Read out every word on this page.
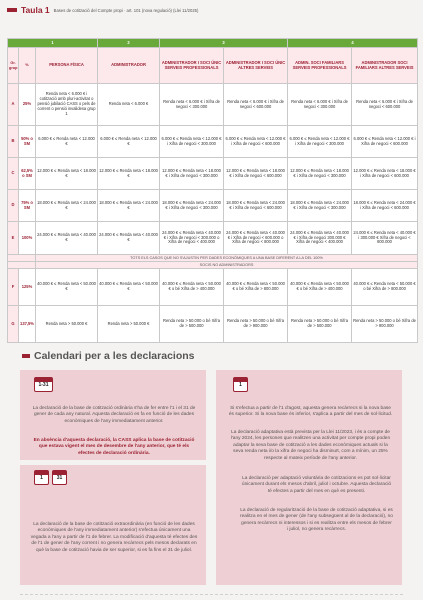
Taula 1 Bases de cotització del Compte propi · art. 101 (nova regulació) (Llei 11/2025)
1			2	3		4	
Gr. grup	%	PERSONA FÍSICA	ADMINISTRADOR	ADMINISTRADOR I SOCI ÚNIC SERVEIS PROFESSIONALS	ADMINISTRADOR I SOCI ÚNIC ALTRES SERVEIS	ADMIN. SOCI FAMILIARS SERVEIS PROFESSIONALS	ADMINISTRADOR SOCI FAMILIARS ALTRES SERVEIS
A	25%	Renda neta < 6.000 € i cotització amb pluri-activitat o pensió jubilació CASS o pels de corrent o pensió invalidesa grup 1	Renda neta < 6.000 €	Renda neta < 6.000 € i Xifra de negoci < 300.000	Renda neta < 6.000 € i Xifra de negoci < 600.000	Renda neta < 6.000 € i Xifra de negoci < 300.000	Renda neta < 6.000 € i Xifra de negoci < 600.000
B	50% o SM	6.000 € ≤ Renda neta < 12.000 €	6.000 € ≤ Renda neta < 12.000 €	6.000 € ≤ Renda neta < 12.000 € i Xifra de negoci < 300.000	6.000 € ≤ Renda neta < 12.000 € i Xifra de negoci < 600.000	6.000 € ≤ Renda neta < 12.000 € i Xifra de negoci < 300.000	6.000 € ≤ Renda neta < 12.000 € i Xifra de negoci < 600.000
C	62,5% o SM	12.000 € ≤ Renda neta < 18.000 €	12.000 € ≤ Renda neta < 18.000 €	12.000 € ≤ Renda neta < 18.000 € i Xifra de negoci < 300.000	12.000 € ≤ Renda neta < 18.000 € i Xifra de negoci < 600.000	12.000 € ≤ Renda neta < 18.000 € i Xifra de negoci < 300.000	12.000 € ≤ Renda neta < 18.000 € i Xifra de negoci < 600.000
D	75% o SM	18.000 € ≤ Renda neta < 24.000 €	18.000 € ≤ Renda neta < 24.000 €	18.000 € ≤ Renda neta < 24.000 € i Xifra de negoci < 300.000	18.000 € ≤ Renda neta < 24.000 € i Xifra de negoci < 600.000	18.000 € ≤ Renda neta < 24.000 € i Xifra de negoci < 300.000	18.000 € ≤ Renda neta < 24.000 € i Xifra de negoci < 600.000
E	100%	24.000 € ≤ Renda neta < 40.000 €	24.000 € ≤ Renda neta < 40.000 €	24.000 € ≤ Renda neta < 40.000 € i Xifra de negoci < 300.000 o Xifra de negoci < 400.000	24.000 € ≤ Renda neta < 40.000 € i Xifra de negoci < 600.000 o Xifra de negoci < 800.000	24.000 € ≤ Renda neta < 40.000 € i Xifra de negoci 300.000 € Xifra de negoci < 400.000	24.000 € ≤ Renda neta < 40.000 € i 300.000 € Xifra de negoci < 800.000
		TOTS ELS CASOS QUE NO S'AJUSTIN PER DADES ECONÒMIQUES A UNA BASE DIFERENT A LA DEL 100%					
		SOCIS NO ADMINISTRADORS					
F	125%	40.000 € ≤ Renda neta < 50.000 €	40.000 € ≤ Renda neta < 50.000 €	40.000 € ≤ Renda neta < 50.000 € o bé Xifra de > 400.000	40.000 € ≤ Renda neta < 50.000 € o bé Xifra de > 800.000	40.000 € ≤ Renda neta < 50.000 € o bé Xifra de > 400.000	40.000 € ≤ Renda neta < 50.000 € o bé Xifra de > 800.000
G	137,5%	Renda neta > 50.000 €	Renda neta > 50.000 €	Renda neta > 50.000 o bé Xifra de > 500.000	Renda neta > 50.000 o bé Xifra de > 900.000	Renda neta > 50.000 o bé Xifra de > 500.000	Renda neta > 50.000 o bé Xifra de > 900.000
Calendari per a les declaracions
1-31
La declaració de la base de cotització ordinària s'ha de fer entre l'1 i el 31 de gener de cada any natural. Aquesta declaració es fa en funció de les dades econòmiques de l'any immediatament anterior.
En absència d'aquesta declaració, la CASS aplica la base de cotització que estava vigent el mes de desembre de l'any anterior, que té els efectes de declaració ordinària.
1
Si s'efectua a partir de l'1 d'agost, aquesta genera recàrrecs si la nova base és superior. Si la nova base és inferior, s'aplica a partir del mes de sol·licitud.
La declaració adaptativa està prevista per la Llei 11/2023, i és a compte de l'any 2024, les persones que realitzen una activitat per compte propi poden adaptar la seva base de cotització a les dades econòmiques actuals si la seva renda neta i/o la xifra de negoci ha disminuït, com a mínim, un 25% respecte al mateix període de l'any anterior.
La declaració per adaptació voluntària de cotitzacions es pot sol·licitar únicament durant els mesos d'abril, juliol i octubre. Aquesta declaració té efectes a partir del mes en què es presenti.
La declaració de regularització de la base de cotització adaptativa, si es realitza en el mes de gener (de l'any subsegüent al de la declaració), no genera recàrrecs ni interessos i si es realitza entre els mesos de febrer i juliol, no genera recàrrecs.
1	31
La declaració de la base de cotització extraordinària (en funció de les dades econòmiques de l'any immediatament anterior) s'efectua únicament una vegada a l'any a partir de l'1 de febrer. La modificació d'aquesta té efectes des de l'1 de gener de l'any corrent i no genera recàrrecs pels mesos declarats en què la base de cotització havia de ser superior, si es fa fins el 31 de juliol.
